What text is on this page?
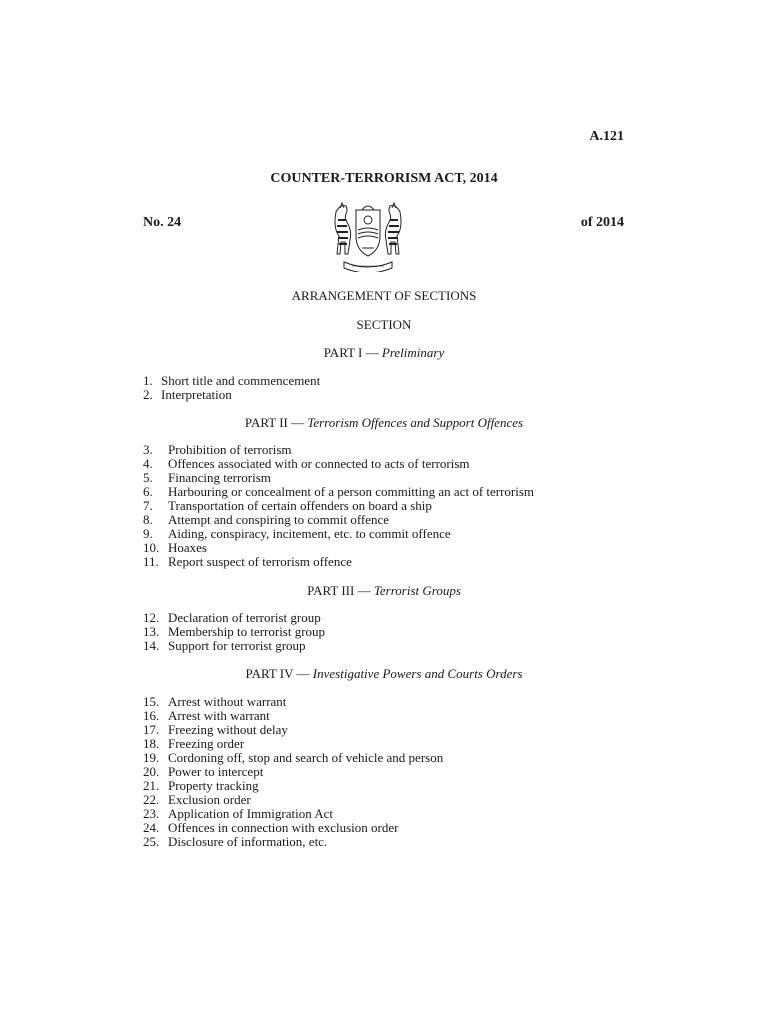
A.121
COUNTER-TERRORISM ACT, 2014
No. 24	of 2014
ARRANGEMENT OF SECTIONS
SECTION
PART I — Preliminary
1. Short title and commencement
2. Interpretation
PART II — Terrorism Offences and Support Offences
3.	Prohibition of terrorism
4.	Offences associated with or connected to acts of terrorism
5.	Financing terrorism
6.	Harbouring or concealment of a person committing an act of terrorism
7.	Transportation of certain offenders on board a ship
8.	Attempt and conspiring to commit offence
9.	Aiding, conspiracy, incitement, etc. to commit offence
10. Hoaxes
11. Report suspect of terrorism offence
PART III — Terrorist Groups
12. Declaration of terrorist group
13. Membership to terrorist group
14. Support for terrorist group
PART IV — Investigative Powers and Courts Orders
15. Arrest without warrant
16. Arrest with warrant
17. Freezing without delay
18. Freezing order
19. Cordoning off, stop and search of vehicle and person
20. Power to intercept
21. Property tracking
22. Exclusion order
23. Application of Immigration Act
24. Offences in connection with exclusion order
25. Disclosure of information, etc.
